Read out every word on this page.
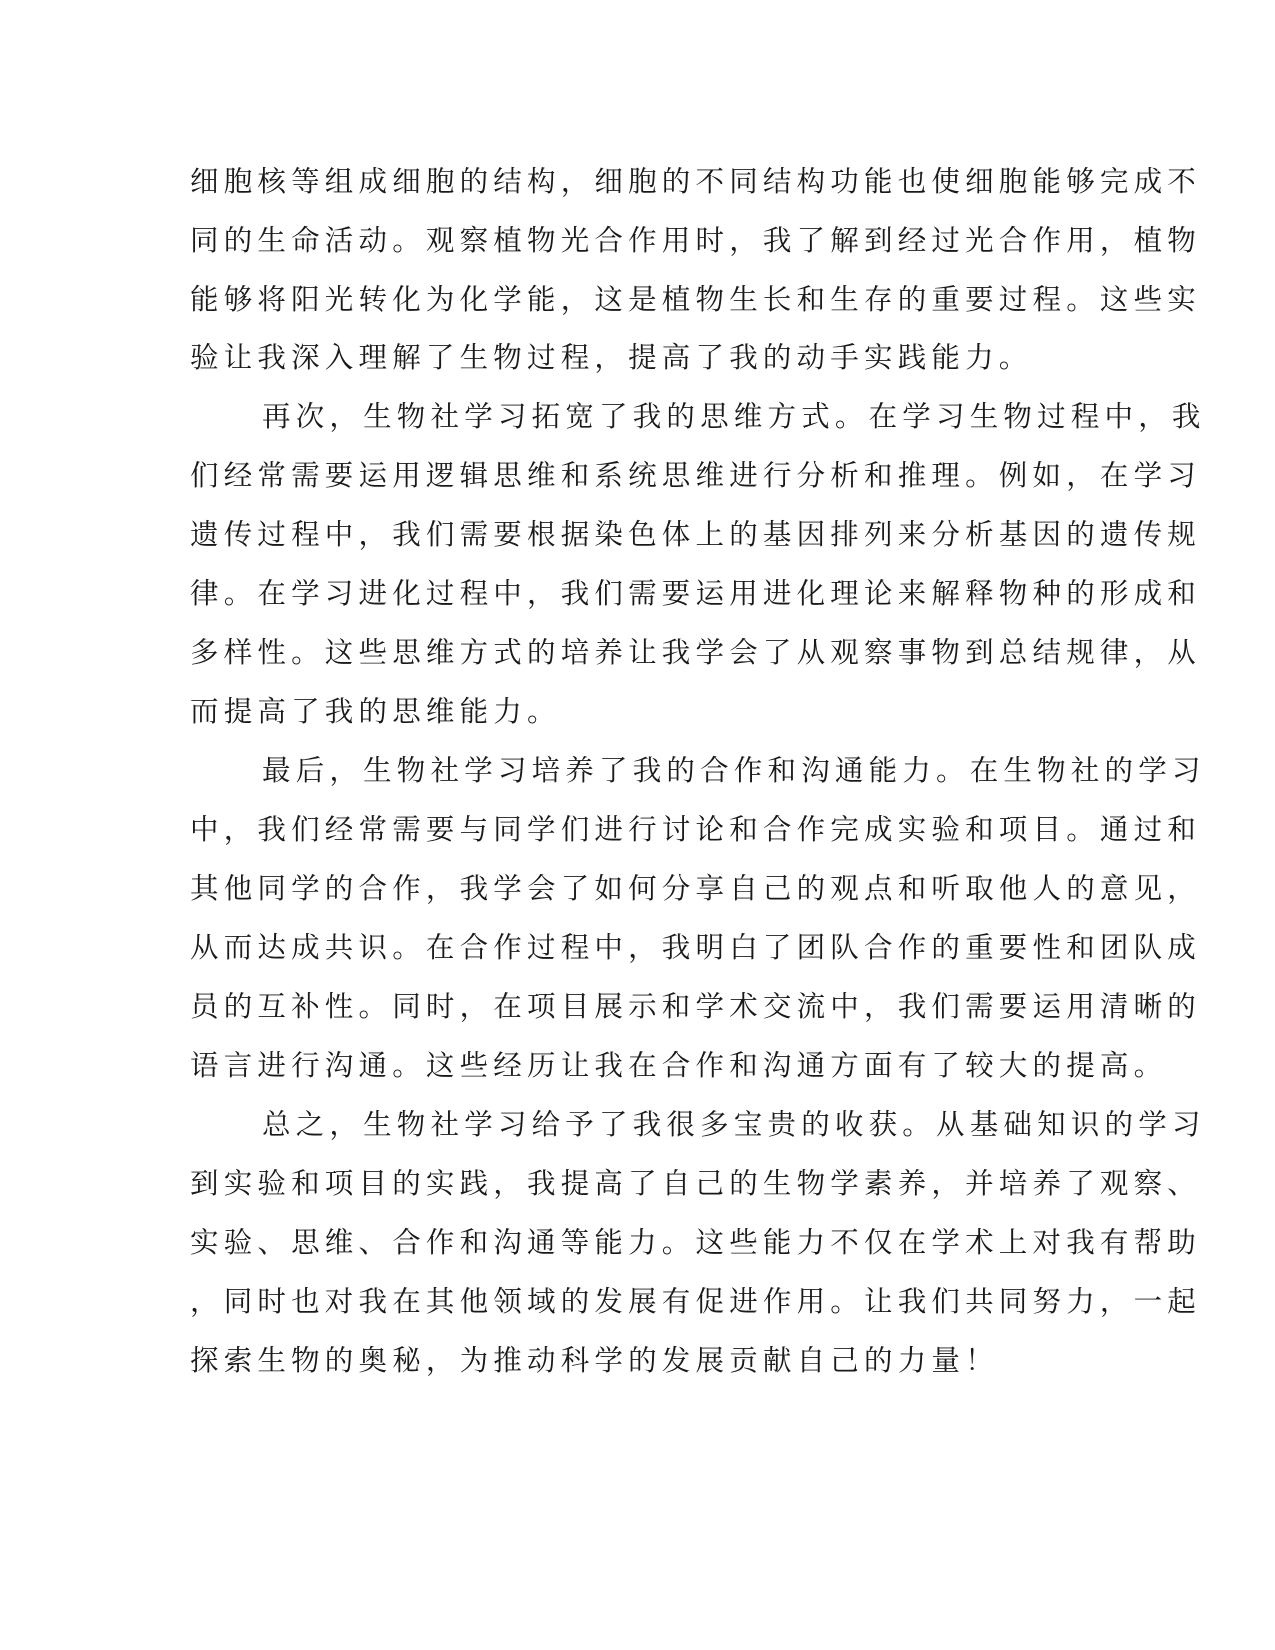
细胞核等组成细胞的结构，细胞的不同结构功能也使细胞能够完成不

同的生命活动。观察植物光合作用时，我了解到经过光合作用，植物

能够将阳光转化为化学能，这是植物生长和生存的重要过程。这些实

验让我深入理解了生物过程，提高了我的动手实践能力。

再次，生物社学习拓宽了我的思维方式。在学习生物过程中，我

们经常需要运用逻辑思维和系统思维进行分析和推理。例如，在学习

遗传过程中，我们需要根据染色体上的基因排列来分析基因的遗传规

律。在学习进化过程中，我们需要运用进化理论来解释物种的形成和

多样性。这些思维方式的培养让我学会了从观察事物到总结规律，从

而提高了我的思维能力。

最后，生物社学习培养了我的合作和沟通能力。在生物社的学习

中，我们经常需要与同学们进行讨论和合作完成实验和项目。通过和

其他同学的合作，我学会了如何分享自己的观点和听取他人的意见，

从而达成共识。在合作过程中，我明白了团队合作的重要性和团队成

员的互补性。同时，在项目展示和学术交流中，我们需要运用清晰的

语言进行沟通。这些经历让我在合作和沟通方面有了较大的提高。

总之，生物社学习给予了我很多宝贵的收获。从基础知识的学习

到实验和项目的实践，我提高了自己的生物学素养，并培养了观察、

实验、思维、合作和沟通等能力。这些能力不仅在学术上对我有帮助

，同时也对我在其他领域的发展有促进作用。让我们共同努力，一起

探索生物的奥秘，为推动科学的发展贡献自己的力量！
